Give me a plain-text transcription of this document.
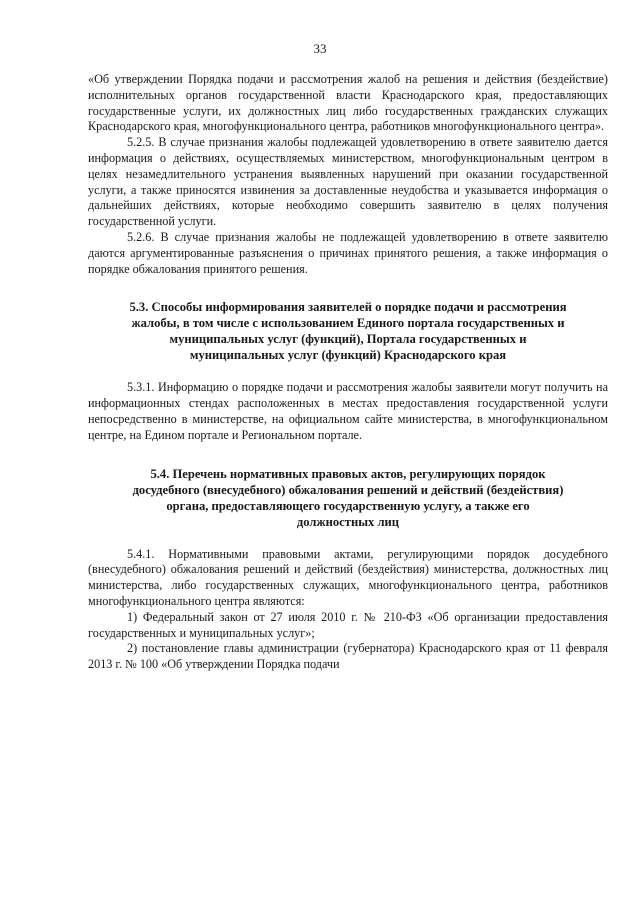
33

«Об утверждении Порядка подачи и рассмотрения жалоб на решения и действия (бездействие) исполнительных органов государственной власти Краснодарского края, предоставляющих государственные услуги, их должностных лиц либо государственных гражданских служащих Краснодарского края, многофункционального центра, работников многофункционального центра».

5.2.5. В случае признания жалобы подлежащей удовлетворению в ответе заявителю дается информация о действиях, осуществляемых министерством, многофункциональным центром в целях незамедлительного устранения выявленных нарушений при оказании государственной услуги, а также приносятся извинения за доставленные неудобства и указывается информация о дальнейших действиях, которые необходимо совершить заявителю в целях получения государственной услуги.

5.2.6. В случае признания жалобы не подлежащей удовлетворению в ответе заявителю даются аргументированные разъяснения о причинах принятого решения, а также информация о порядке обжалования принятого решения.

5.3. Способы информирования заявителей о порядке подачи и рассмотрения жалобы, в том числе с использованием Единого портала государственных и муниципальных услуг (функций), Портала государственных и муниципальных услуг (функций) Краснодарского края

5.3.1. Информацию о порядке подачи и рассмотрения жалобы заявители могут получить на информационных стендах расположенных в местах предоставления государственной услуги непосредственно в министерстве, на официальном сайте министерства, в многофункциональном центре, на Едином портале и Региональном портале.

5.4. Перечень нормативных правовых актов, регулирующих порядок досудебного (внесудебного) обжалования решений и действий (бездействия) органа, предоставляющего государственную услугу, а также его должностных лиц

5.4.1. Нормативными правовыми актами, регулирующими порядок досудебного (внесудебного) обжалования решений и действий (бездействия) министерства, должностных лиц министерства, либо государственных служащих, многофункционального центра, работников многофункционального центра являются:

1) Федеральный закон от 27 июля 2010 г. № 210-ФЗ «Об организации предоставления государственных и муниципальных услуг»;

2) постановление главы администрации (губернатора) Краснодарского края от 11 февраля 2013 г. № 100 «Об утверждении Порядка подачи
